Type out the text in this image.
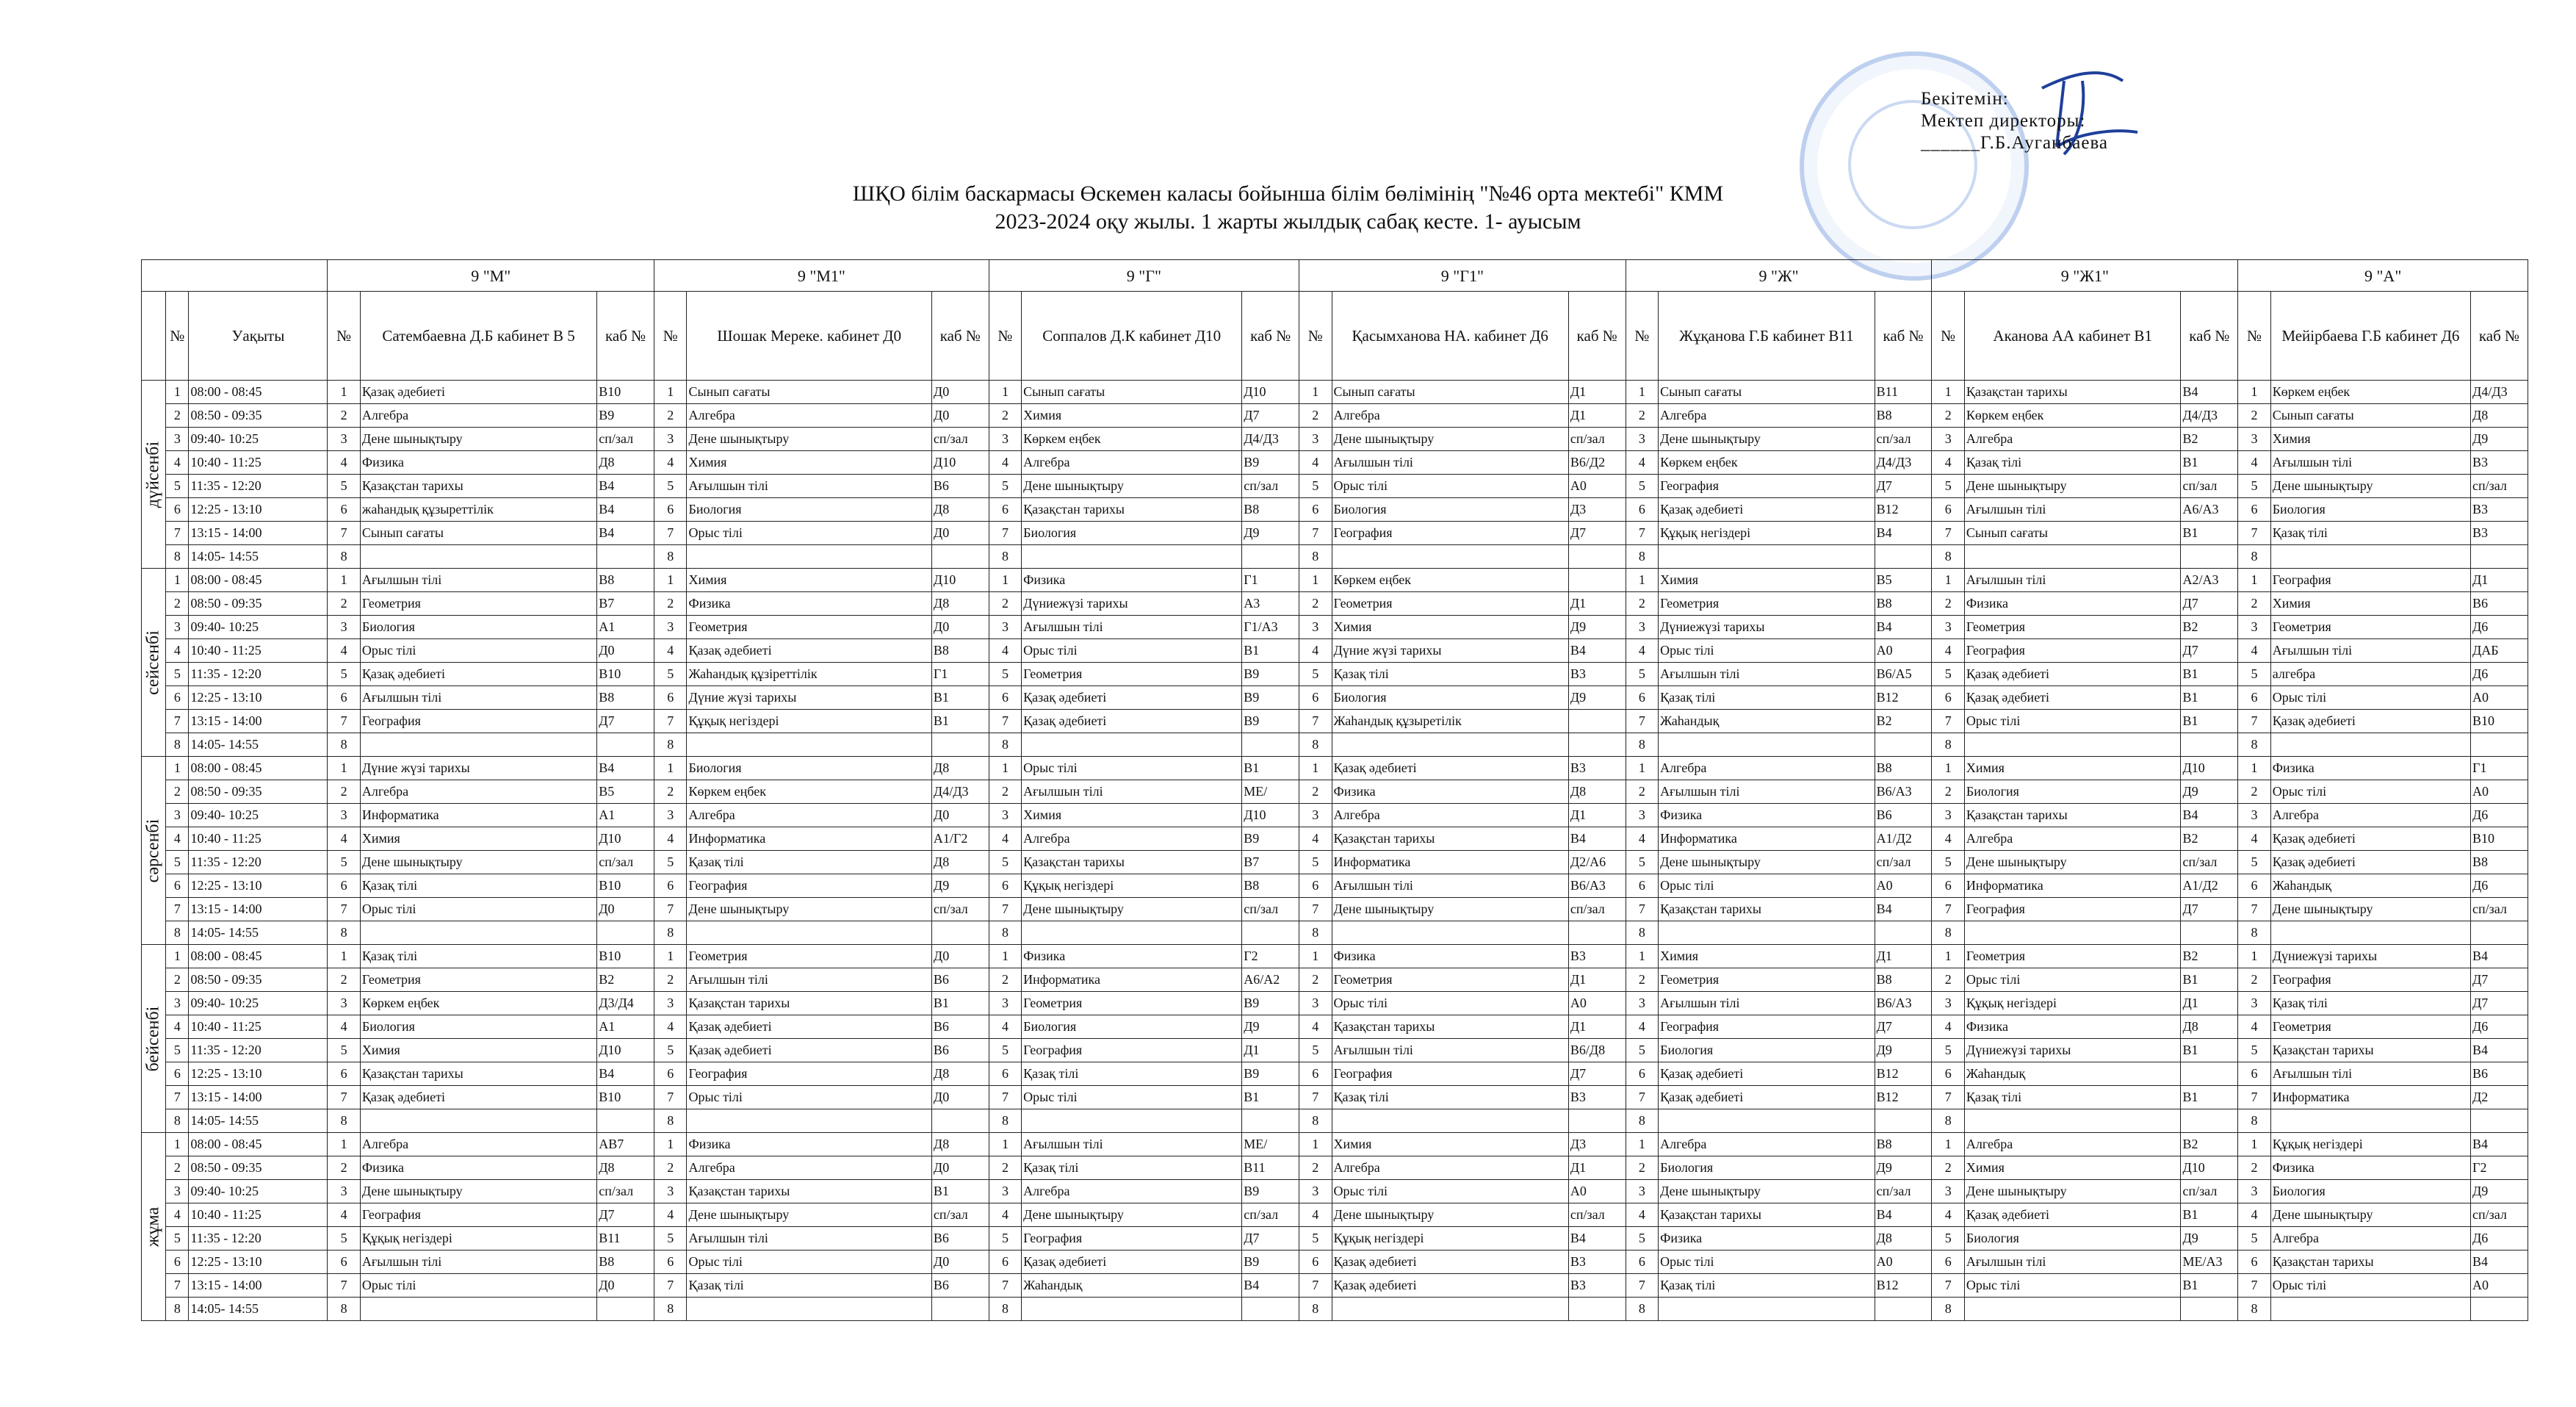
Бекітемін:
Мектеп директоры:
______Г.Б.Ауганбаева
ШҚО білім баскармасы Өскемен каласы бойынша білім бөлімінің "№46 орта мектебі" КММ
2023-2024 оқу жылы. 1 жарты жылдық сабақ кесте. 1- ауысым
			9 "М"			9 "М1"			9 "Г"			9 "Г1"			9 "Ж"			9 "Ж1"			9 "А"		
	№	Уақыты	№	Сатембаевна Д.Б кабинет В 5	каб №	№	Шошак Мереке. кабинет Д0	каб №	№	Соппалов Д.К кабинет Д10	каб №	№	Қасымханова НА. кабинет Д6	каб №	№	Жұқанова Г.Б кабинет В11	каб №	№	Аканова АА кабинет В1	каб №	№	Мейірбаева Г.Б кабинет Д6	каб №

дүйсенбі	1	08:00 - 08:45	1	Қазақ әдебиеті	В10	1	Сынып сағаты	Д0	1	Сынып сағаты	Д10	1	Сынып сағаты	Д1	1	Сынып сағаты	В11	1	Қазақстан тарихы	В4	1	Көркем еңбек	Д4/Д3
	2	08:50 - 09:35	2	Алгебра	В9	2	Алгебра	Д0	2	Химия	Д7	2	Алгебра	Д1	2	Алгебра	В8	2	Көркем еңбек	Д4/Д3	2	Сынып сағаты	Д8
	3	09:40- 10:25	3	Дене шынықтыру	сп/зал	3	Дене шынықтыру	сп/зал	3	Көркем еңбек	Д4/Д3	3	Дене шынықтыру	сп/зал	3	Дене шынықтыру	сп/зал	3	Алгебра	В2	3	Химия	Д9
	4	10:40 - 11:25	4	Физика	Д8	4	Химия	Д10	4	Алгебра	В9	4	Ағылшын тілі	В6/Д2	4	Көркем еңбек	Д4/Д3	4	Қазақ тілі	В1	4	Ағылшын тілі	В3
	5	11:35 - 12:20	5	Қазақстан тарихы	В4	5	Ағылшын тілі	В6	5	Дене шынықтыру	сп/зал	5	Орыс тілі	А0	5	География	Д7	5	Дене шынықтыру	сп/зал	5	Дене шынықтыру	сп/зал
	6	12:25 - 13:10	6	жаһандық құзыреттілік	В4	6	Биология	Д8	6	Қазақстан тарихы	В8	6	Биология	Д3	6	Қазақ әдебиеті	В12	6	Ағылшын тілі	А6/А3	6	Биология	В3
	7	13:15 - 14:00	7	Сынып сағаты	В4	7	Орыс тілі	Д0	7	Биология	Д9	7	География	Д7	7	Құқық негіздері	В4	7	Сынып сағаты	В1	7	Қазақ тілі	В3
	8	14:05- 14:55	8			8			8			8			8			8			8		

сейсенбі	1	08:00 - 08:45	1	Ағылшын тілі	В8	1	Химия	Д10	1	Физика	Г1	1	Көркем еңбек		1	Химия	В5	1	Ағылшын тілі	А2/А3	1	География	Д1
	2	08:50 - 09:35	2	Геометрия	В7	2	Физика	Д8	2	Дүниежүзі тарихы	А3	2	Геометрия	Д1	2	Геометрия	В8	2	Физика	Д7	2	Химия	В6
	3	09:40- 10:25	3	Биология	А1	3	Геометрия	Д0	3	Ағылшын тілі	Г1/А3	3	Химия	Д9	3	Дүниежүзі тарихы	В4	3	Геометрия	В2	3	Геометрия	Д6
	4	10:40 - 11:25	4	Орыс тілі	Д0	4	Қазақ әдебиеті	В8	4	Орыс тілі	В1	4	Дүние жүзі тарихы	В4	4	Орыс тілі	А0	4	География	Д7	4	Ағылшын тілі	ДАБ
	5	11:35 - 12:20	5	Қазақ әдебиеті	В10	5	Жаһандық құзіреттілік	Г1	5	Геометрия	В9	5	Қазақ тілі	В3	5	Ағылшын тілі	В6/А5	5	Қазақ әдебиеті	В1	5	алгебра	Д6
	6	12:25 - 13:10	6	Ағылшын тілі	В8	6	Дүние жүзі тарихы	В1	6	Қазақ әдебиеті	В9	6	Биология	Д9	6	Қазақ тілі	В12	6	Қазақ әдебиеті	В1	6	Орыс тілі	А0
	7	13:15 - 14:00	7	География	Д7	7	Құқық негіздері	В1	7	Қазақ әдебиеті	В9	7	Жаһандық құзыретілік		7	Жаһандық	В2	7	Орыс тілі	В1	7	Қазақ әдебиеті	В10
	8	14:05- 14:55	8			8			8			8			8			8			8		

сәрсенбі	1	08:00 - 08:45	1	Дүние жүзі тарихы	В4	1	Биология	Д8	1	Орыс тілі	В1	1	Қазақ әдебиеті	В3	1	Алгебра	В8	1	Химия	Д10	1	Физика	Г1
	2	08:50 - 09:35	2	Алгебра	В5	2	Көркем еңбек	Д4/Д3	2	Ағылшын тілі	МЕ/	2	Физика	Д8	2	Ағылшын тілі	В6/А3	2	Биология	Д9	2	Орыс тілі	А0
	3	09:40- 10:25	3	Информатика	А1	3	Алгебра	Д0	3	Химия	Д10	3	Алгебра	Д1	3	Физика	В6	3	Қазақстан тарихы	В4	3	Алгебра	Д6
	4	10:40 - 11:25	4	Химия	Д10	4	Информатика	А1/Г2	4	Алгебра	В9	4	Қазақстан тарихы	В4	4	Информатика	А1/Д2	4	Алгебра	В2	4	Қазақ әдебиеті	В10
	5	11:35 - 12:20	5	Дене шынықтыру	сп/зал	5	Қазақ тілі	Д8	5	Қазақстан тарихы	В7	5	Информатика	Д2/А6	5	Дене шынықтыру	сп/зал	5	Дене шынықтыру	сп/зал	5	Қазақ әдебиеті	В8
	6	12:25 - 13:10	6	Қазақ тілі	В10	6	География	Д9	6	Құқық негіздері	В8	6	Ағылшын тілі	В6/А3	6	Орыс тілі	А0	6	Информатика	А1/Д2	6	Жаһандық	Д6
	7	13:15 - 14:00	7	Орыс тілі	Д0	7	Дене шынықтыру	сп/зал	7	Дене шынықтыру	сп/зал	7	Дене шынықтыру	сп/зал	7	Қазақстан тарихы	В4	7	География	Д7	7	Дене шынықтыру	сп/зал
	8	14:05- 14:55	8			8			8			8			8			8			8		

бейсенбі	1	08:00 - 08:45	1	Қазақ тілі	В10	1	Геометрия	Д0	1	Физика	Г2	1	Физика	В3	1	Химия	Д1	1	Геометрия	В2	1	Дүниежүзі тарихы	В4
	2	08:50 - 09:35	2	Геометрия	В2	2	Ағылшын тілі	В6	2	Информатика	А6/А2	2	Геометрия	Д1	2	Геометрия	В8	2	Орыс тілі	В1	2	География	Д7
	3	09:40- 10:25	3	Көркем еңбек	Д3/Д4	3	Қазақстан тарихы	В1	3	Геометрия	В9	3	Орыс тілі	А0	3	Ағылшын тілі	В6/А3	3	Құқық негіздері	Д1	3	Қазақ тілі	Д7
	4	10:40 - 11:25	4	Биология	А1	4	Қазақ әдебиеті	В6	4	Биология	Д9	4	Қазақстан тарихы	Д1	4	География	Д7	4	Физика	Д8	4	Геометрия	Д6
	5	11:35 - 12:20	5	Химия	Д10	5	Қазақ әдебиеті	В6	5	География	Д1	5	Ағылшын тілі	В6/Д8	5	Биология	Д9	5	Дүниежүзі тарихы	В1	5	Қазақстан тарихы	В4
	6	12:25 - 13:10	6	Қазақстан тарихы	В4	6	География	Д8	6	Қазақ тілі	В9	6	География	Д7	6	Қазақ әдебиеті	В12	6	Жаһандық		6	Ағылшын тілі	В6
	7	13:15 - 14:00	7	Қазақ әдебиеті	В10	7	Орыс тілі	Д0	7	Орыс тілі	В1	7	Қазақ тілі	В3	7	Қазақ әдебиеті	В12	7	Қазақ тілі	В1	7	Информатика	Д2
	8	14:05- 14:55	8			8			8			8			8			8			8		

жұма	1	08:00 - 08:45	1	Алгебра	АВ7	1	Физика	Д8	1	Ағылшын тілі	МЕ/	1	Химия	Д3	1	Алгебра	В8	1	Алгебра	В2	1	Құқық негіздері	В4
	2	08:50 - 09:35	2	Физика	Д8	2	Алгебра	Д0	2	Қазақ тілі	В11	2	Алгебра	Д1	2	Биология	Д9	2	Химия	Д10	2	Физика	Г2
	3	09:40- 10:25	3	Дене шынықтыру	сп/зал	3	Қазақстан тарихы	В1	3	Алгебра	В9	3	Орыс тілі	А0	3	Дене шынықтыру	сп/зал	3	Дене шынықтыру	сп/зал	3	Биология	Д9
	4	10:40 - 11:25	4	География	Д7	4	Дене шынықтыру	сп/зал	4	Дене шынықтыру	сп/зал	4	Дене шынықтыру	сп/зал	4	Қазақстан тарихы	В4	4	Қазақ әдебиеті	В1	4	Дене шынықтыру	сп/зал
	5	11:35 - 12:20	5	Құқық негіздері	В11	5	Ағылшын тілі	В6	5	География	Д7	5	Құқық негіздері	В4	5	Физика	Д8	5	Биология	Д9	5	Алгебра	Д6
	6	12:25 - 13:10	6	Ағылшын тілі	В8	6	Орыс тілі	Д0	6	Қазақ әдебиеті	В9	6	Қазақ әдебиеті	В3	6	Орыс тілі	А0	6	Ағылшын тілі	МЕ/А3	6	Қазақстан тарихы	В4
	7	13:15 - 14:00	7	Орыс тілі	Д0	7	Қазақ тілі	В6	7	Жаһандық	В4	7	Қазақ әдебиеті	В3	7	Қазақ тілі	В12	7	Орыс тілі	В1	7	Орыс тілі	А0
	8	14:05- 14:55	8			8			8			8			8			8			8		
